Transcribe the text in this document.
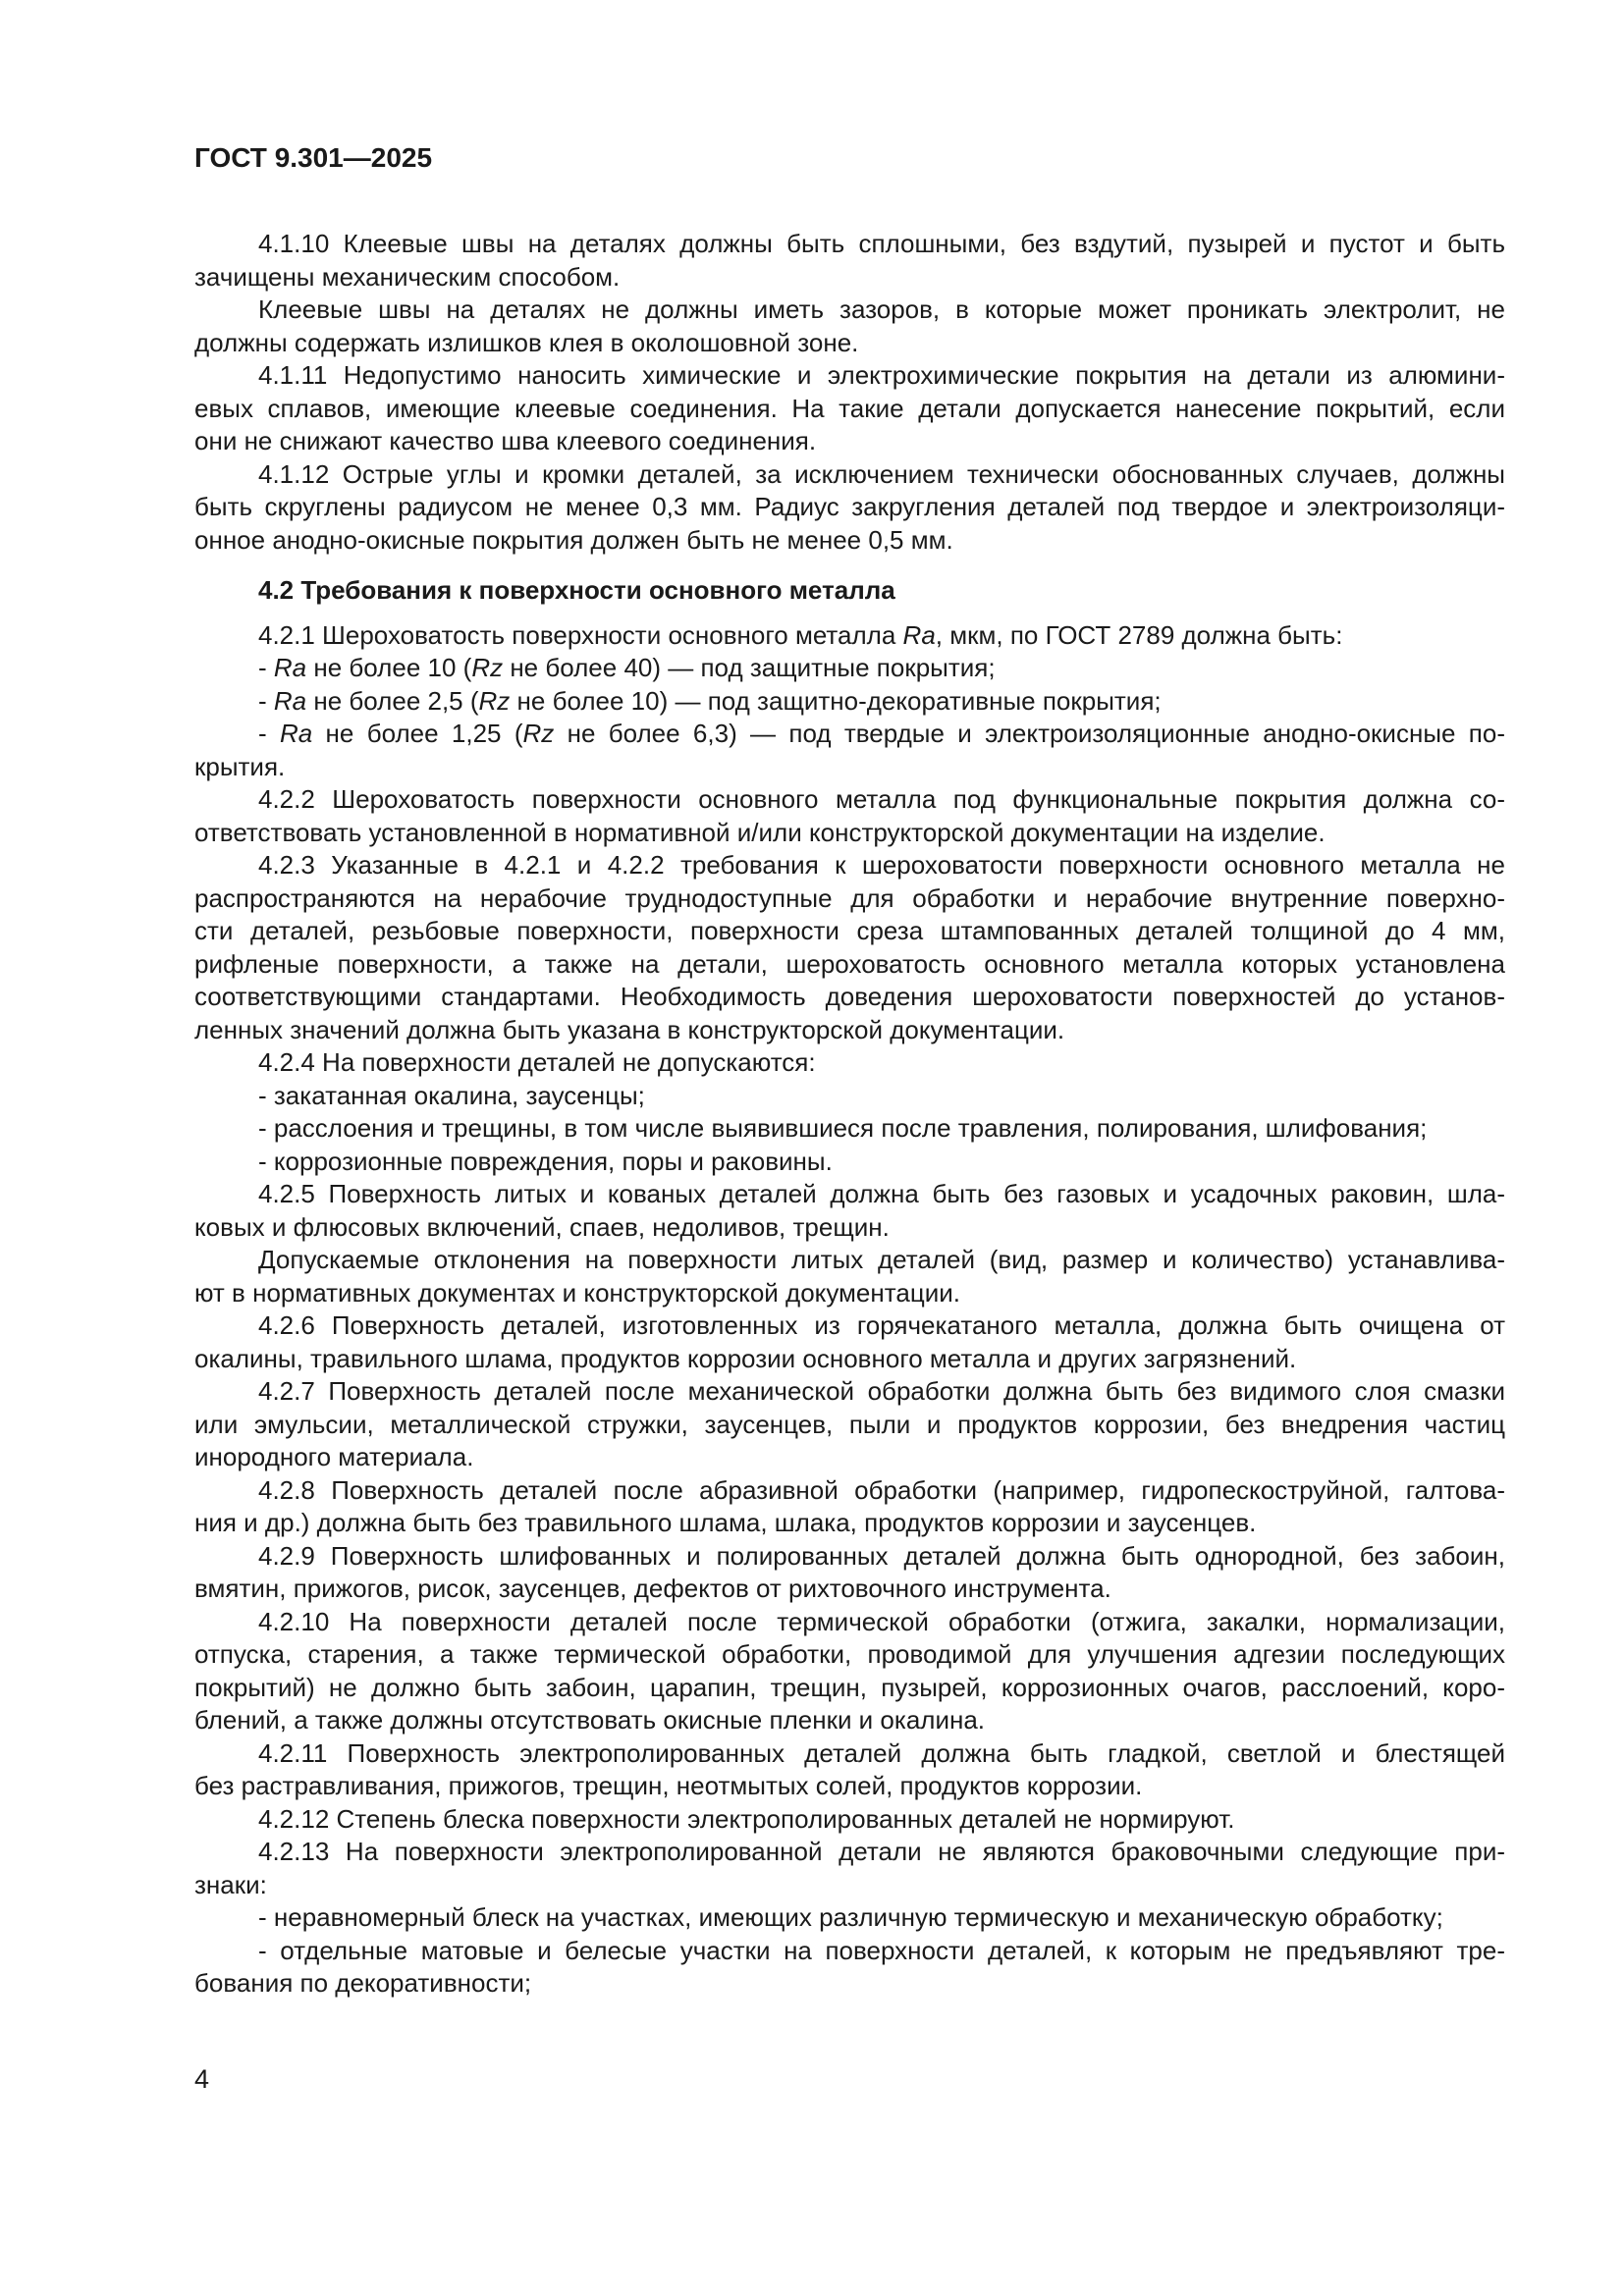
ГОСТ 9.301—2025
4.1.10 Клеевые швы на деталях должны быть сплошными, без вздутий, пузырей и пустот и быть
зачищены механическим способом.
Клеевые швы на деталях не должны иметь зазоров, в которые может проникать электролит, не
должны содержать излишков клея в околошовной зоне.
4.1.11 Недопустимо наносить химические и электрохимические покрытия на детали из алюмини-
евых сплавов, имеющие клеевые соединения. На такие детали допускается нанесение покрытий, если
они не снижают качество шва клеевого соединения.
4.1.12 Острые углы и кромки деталей, за исключением технически обоснованных случаев, должны
быть скруглены радиусом не менее 0,3 мм. Радиус закругления деталей под твердое и электроизоляци-
онное анодно-окисные покрытия должен быть не менее 0,5 мм.
4.2 Требования к поверхности основного металла
4.2.1 Шероховатость поверхности основного металла Ra, мкм, по ГОСТ 2789 должна быть:
- Ra не более 10 (Rz не более 40) — под защитные покрытия;
- Ra не более 2,5 (Rz не более 10) — под защитно-декоративные покрытия;
- Ra не более 1,25 (Rz не более 6,3) — под твердые и электроизоляционные анодно-окисные по-
крытия.
4.2.2 Шероховатость поверхности основного металла под функциональные покрытия должна со-
ответствовать установленной в нормативной и/или конструкторской документации на изделие.
4.2.3 Указанные в 4.2.1 и 4.2.2 требования к шероховатости поверхности основного металла не
распространяются на нерабочие труднодоступные для обработки и нерабочие внутренние поверхно-
сти деталей, резьбовые поверхности, поверхности среза штампованных деталей толщиной до 4 мм,
рифленые поверхности, а также на детали, шероховатость основного металла которых установлена
соответствующими стандартами. Необходимость доведения шероховатости поверхностей до установ-
ленных значений должна быть указана в конструкторской документации.
4.2.4 На поверхности деталей не допускаются:
- закатанная окалина, заусенцы;
- расслоения и трещины, в том числе выявившиеся после травления, полирования, шлифования;
- коррозионные повреждения, поры и раковины.
4.2.5 Поверхность литых и кованых деталей должна быть без газовых и усадочных раковин, шла-
ковых и флюсовых включений, спаев, недоливов, трещин.
Допускаемые отклонения на поверхности литых деталей (вид, размер и количество) устанавлива-
ют в нормативных документах и конструкторской документации.
4.2.6 Поверхность деталей, изготовленных из горячекатаного металла, должна быть очищена от
окалины, травильного шлама, продуктов коррозии основного металла и других загрязнений.
4.2.7 Поверхность деталей после механической обработки должна быть без видимого слоя смазки
или эмульсии, металлической стружки, заусенцев, пыли и продуктов коррозии, без внедрения частиц
инородного материала.
4.2.8 Поверхность деталей после абразивной обработки (например, гидропескоструйной, галтова-
ния и др.) должна быть без травильного шлама, шлака, продуктов коррозии и заусенцев.
4.2.9 Поверхность шлифованных и полированных деталей должна быть однородной, без забоин,
вмятин, прижогов, рисок, заусенцев, дефектов от рихтовочного инструмента.
4.2.10 На поверхности деталей после термической обработки (отжига, закалки, нормализации,
отпуска, старения, а также термической обработки, проводимой для улучшения адгезии последующих
покрытий) не должно быть забоин, царапин, трещин, пузырей, коррозионных очагов, расслоений, коро-
блений, а также должны отсутствовать окисные пленки и окалина.
4.2.11 Поверхность электрополированных деталей должна быть гладкой, светлой и блестящей
без растравливания, прижогов, трещин, неотмытых солей, продуктов коррозии.
4.2.12 Степень блеска поверхности электрополированных деталей не нормируют.
4.2.13 На поверхности электрополированной детали не являются браковочными следующие при-
знаки:
- неравномерный блеск на участках, имеющих различную термическую и механическую обработку;
- отдельные матовые и белесые участки на поверхности деталей, к которым не предъявляют тре-
бования по декоративности;
4
